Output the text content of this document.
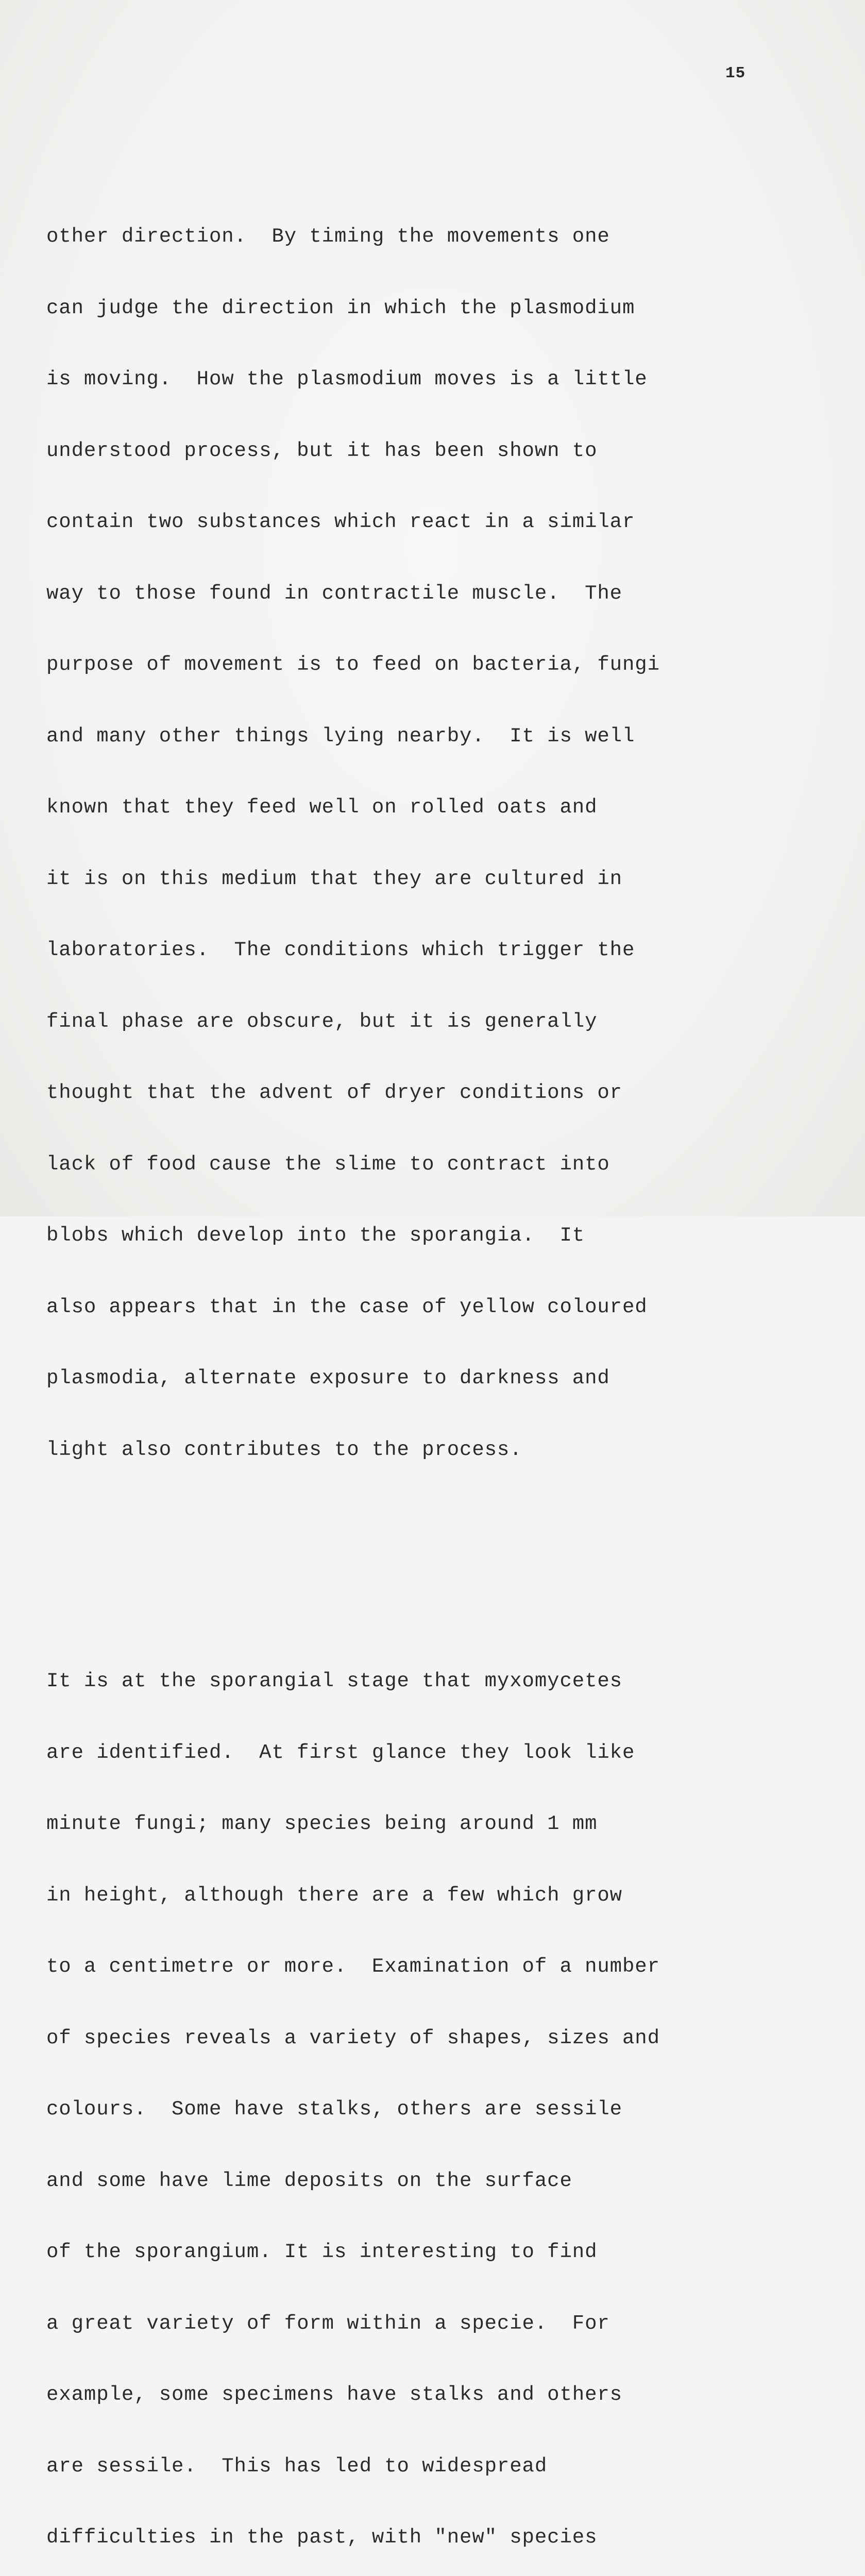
15

other direction.  By timing the movements one

can judge the direction in which the plasmodium

is moving.  How the plasmodium moves is a little

understood process, but it has been shown to

contain two substances which react in a similar

way to those found in contractile muscle.  The

purpose of movement is to feed on bacteria, fungi

and many other things lying nearby.  It is well

known that they feed well on rolled oats and

it is on this medium that they are cultured in

laboratories.  The conditions which trigger the

final phase are obscure, but it is generally

thought that the advent of dryer conditions or

lack of food cause the slime to contract into

blobs which develop into the sporangia.  It

also appears that in the case of yellow coloured

plasmodia, alternate exposure to darkness and

light also contributes to the process.

It is at the sporangial stage that myxomycetes

are identified.  At first glance they look like

minute fungi; many species being around 1 mm

in height, although there are a few which grow

to a centimetre or more.  Examination of a number

of species reveals a variety of shapes, sizes and

colours.  Some have stalks, others are sessile

and some have lime deposits on the surface

of the sporangium. It is interesting to find

a great variety of form within a specie.  For

example, some specimens have stalks and others

are sessile.  This has led to widespread

difficulties in the past, with "new" species
